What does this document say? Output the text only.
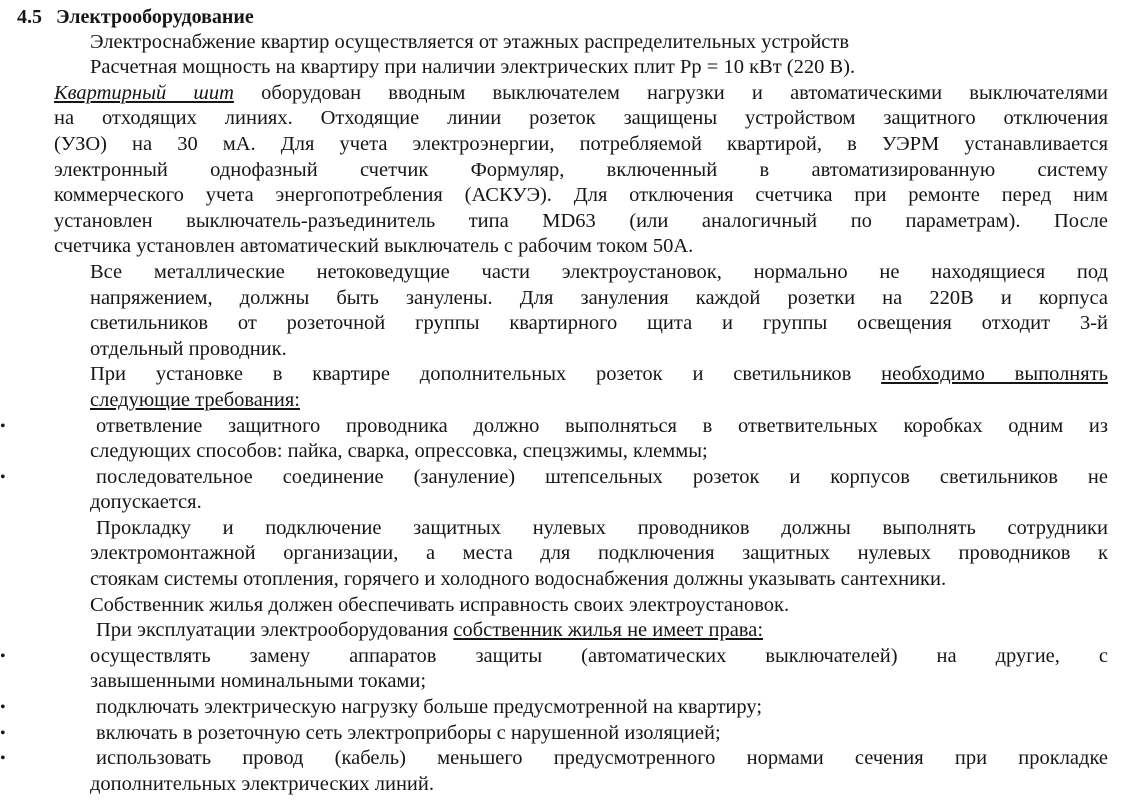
4.5 Электрооборудование
Электроснабжение квартир осуществляется от этажных распределительных устройств
Расчетная мощность на квартиру при наличии электрических плит Рр = 10 кВт (220 В).
Квартирный шит оборудован вводным выключателем нагрузки и автоматическими выключателями
на отходящих линиях. Отходящие линии розеток защищены устройством защитного отключения
(УЗО) на 30 мА. Для учета электроэнергии, потребляемой квартирой, в УЭРМ устанавливается
электронный однофазный счетчик Формуляр, включенный в автоматизированную систему
коммерческого учета энергопотребления (АСКУЭ). Для отключения счетчика при ремонте перед ним
установлен выключатель-разъединитель типа MD63 (или аналогичный по параметрам). После
счетчика установлен автоматический выключатель с рабочим током 50А.
Все металлические нетоковедущие части электроустановок, нормально не находящиеся под
напряжением, должны быть занулены. Для зануления каждой розетки на 220В и корпуса
светильников от розеточной группы квартирного щита и группы освещения отходит 3-й
отдельный проводник.
При установке в квартире дополнительных розеток и светильников необходимо выполнять
следующие требования:
•	ответвление защитного проводника должно выполняться в ответвительных коробках одним из
следующих способов: пайка, сварка, опрессовка, спецзжимы, клеммы;
•	последовательное соединение (зануление) штепсельных розеток и корпусов светильников не
допускается.
Прокладку и подключение защитных нулевых проводников должны выполнять сотрудники
электромонтажной организации, а места для подключения защитных нулевых проводников к
стоякам системы отопления, горячего и холодного водоснабжения должны указывать сантехники.
Собственник жилья должен обеспечивать исправность своих электроустановок.
При эксплуатации электрооборудования собственник жилья не имеет права:
•	осуществлять замену аппаратов защиты (автоматических выключателей) на другие, с
завышенными номинальными токами;
•	подключать электрическую нагрузку больше предусмотренной на квартиру;
•	включать в розеточную сеть электроприборы с нарушенной изоляцией;
•	использовать провод (кабель) меньшего предусмотренного нормами сечения при прокладке
дополнительных электрических линий.
